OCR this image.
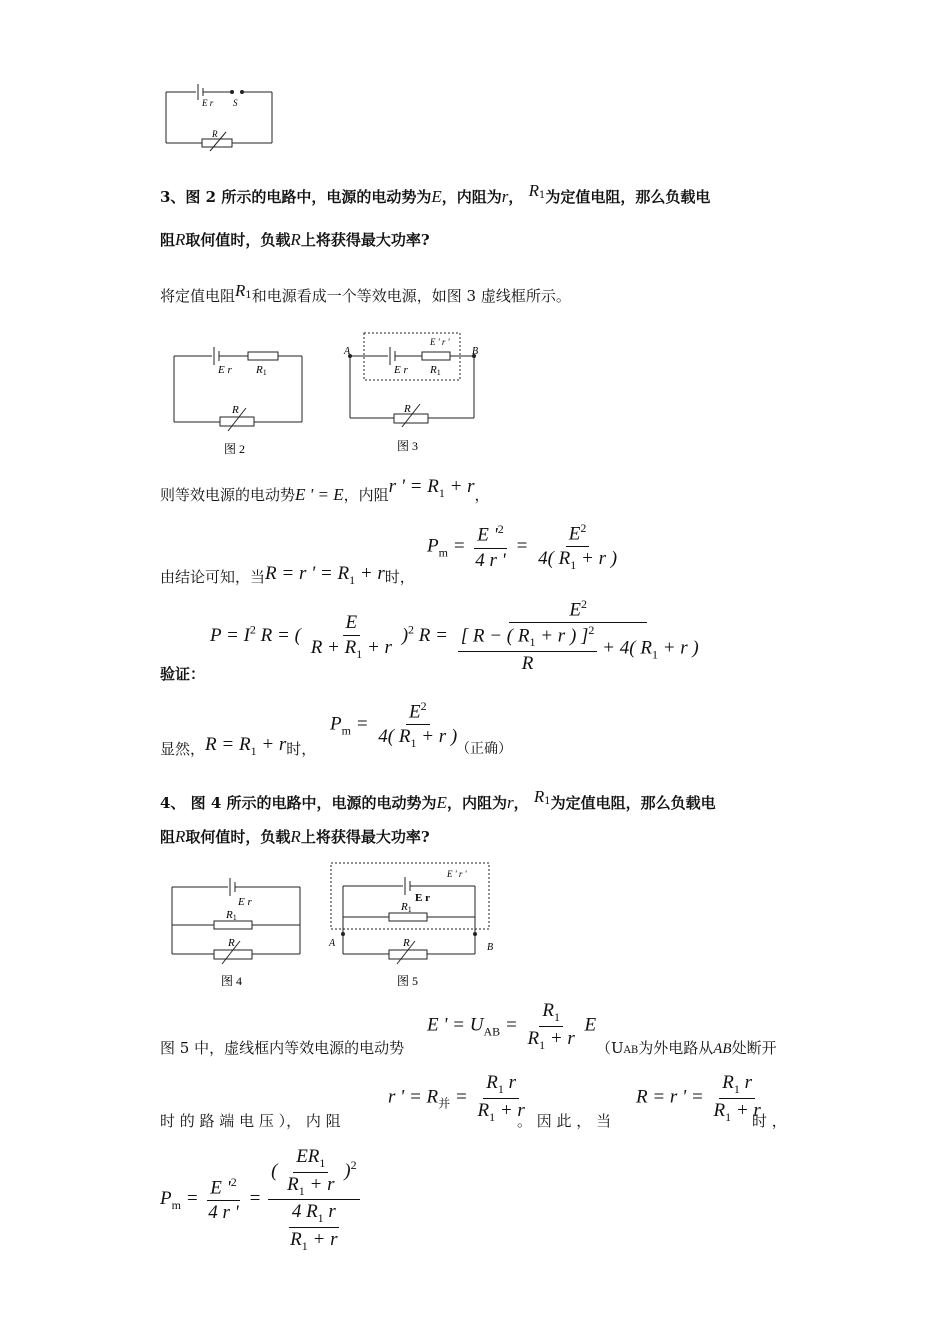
E r S
R
3、图 2 所示的电路中，电源的电动势为E，内阻为r， $R^1$为定值电阻，那么负载电
阻R取何值时，负载R上将获得最大功率?
将定值电阻$R^1$和电源看成一个等效电源，如图 3 虚线框所示。
E r R1
R
图 2
A	B
E ' r '
E r R1
R
图 3
则等效电源的电动势E ' = E，内阻r ' = $R_1 + r$，
由结论可知，当R = r ' = $R_1 + r$时，
$P_m = \frac{E '^2}{4 r '} = \frac{E^2}{4( R_1 + r )}$
$P = I^2$ R = ( $\frac{E}{R + R_1 + r} )^2$ $R = \frac{E^2}{\frac{[ R - ( R_1 + r ) ]^2}{R} + 4( R_1 + r )}$
验证：
显然，$R = R_1 + r$时，
$P_m = \frac{E^2}{4( R_1 + r )}$
（正确）
4、 图 4 所示的电路中，电源的电动势为E，内阻为r， $R^1$为定值电阻，那么负载电
阻R取何值时，负载R上将获得最大功率?
E r
R1
R
图 4
A	B
E ' r '
E r
R1
R
图 5
图 5 中，虚线框内等效电源的电动势
E ' = $U_{AB} = \frac{R_1}{R_1 + r}$ E
（UAB为外电路从AB处断开
时 的 路 端 电 压 ）， 内 阻
r ' = $R_并 = \frac{R_1 r}{R_1 + r}$
。 因 此 ， 当
R = r ' = $\frac{R_1 r}{R_1 + r}$
时 ，
$P_m = \frac{E '^2}{4 r '} = \frac{( \frac{ER_1}{R_1 + r} )^2}{\frac{4 R_1 r}{R_1 + r}}$
